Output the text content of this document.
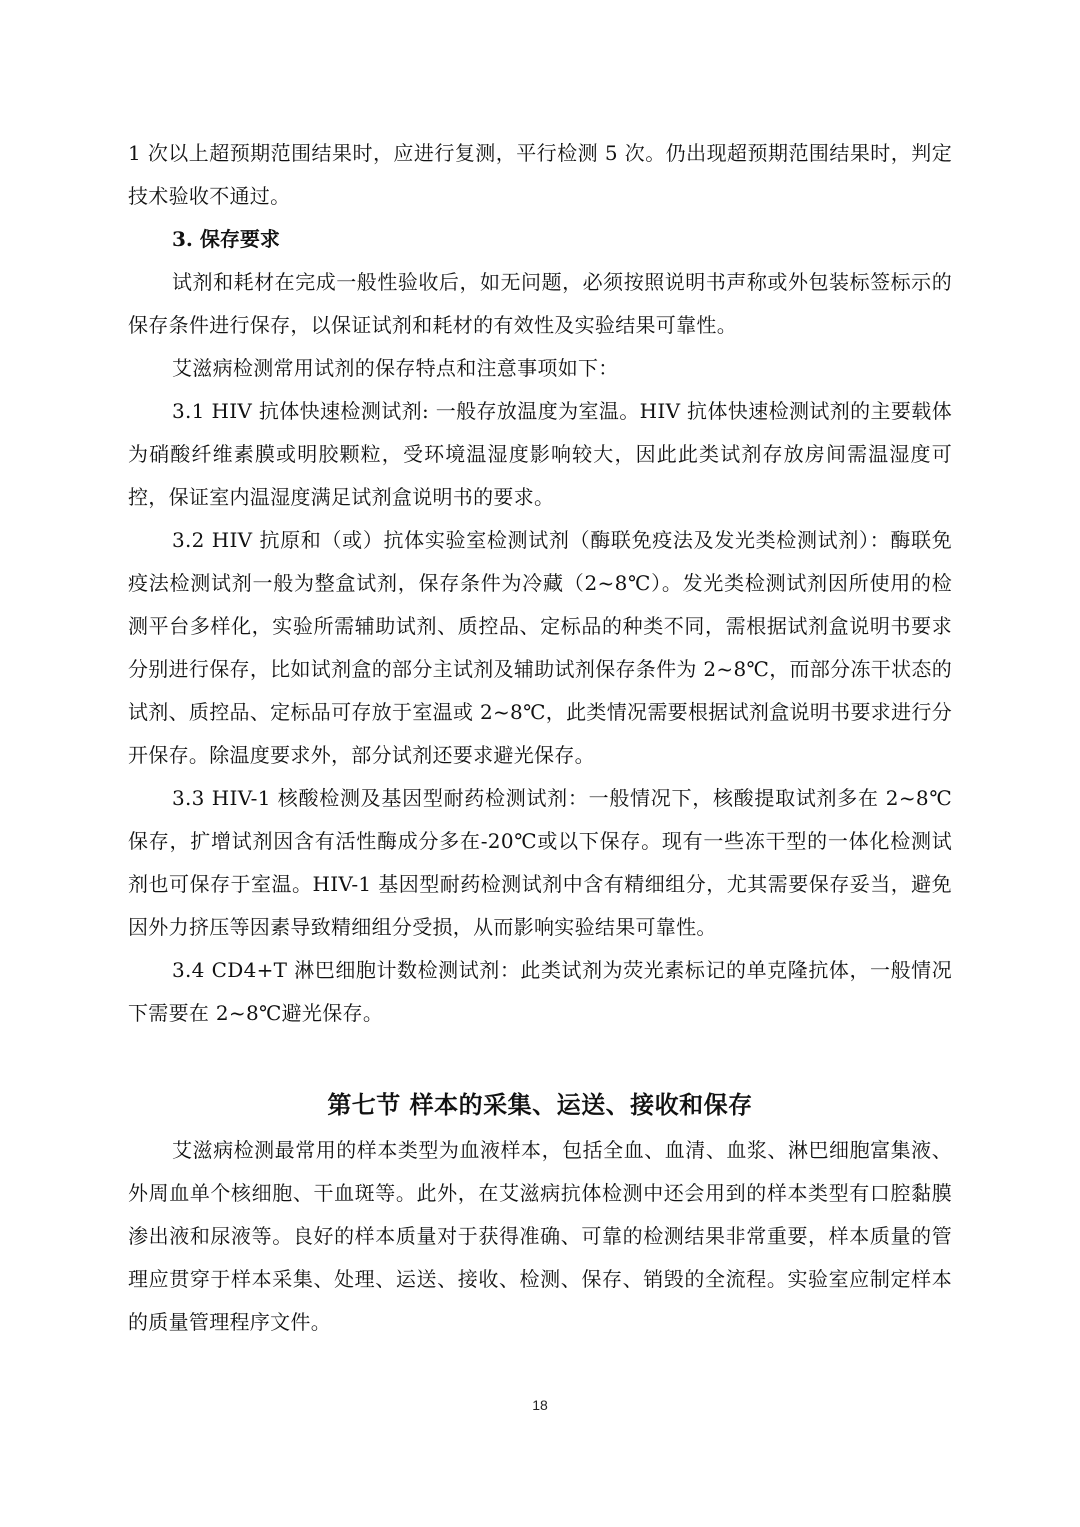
1 次以上超预期范围结果时，应进行复测，平行检测 5 次。仍出现超预期范围结果时，判定技术验收不通过。

3. 保存要求

试剂和耗材在完成一般性验收后，如无问题，必须按照说明书声称或外包装标签标示的保存条件进行保存，以保证试剂和耗材的有效性及实验结果可靠性。

艾滋病检测常用试剂的保存特点和注意事项如下：

3.1 HIV 抗体快速检测试剂: 一般存放温度为室温。HIV 抗体快速检测试剂的主要载体为硝酸纤维素膜或明胶颗粒，受环境温湿度影响较大，因此此类试剂存放房间需温湿度可控，保证室内温湿度满足试剂盒说明书的要求。

3.2 HIV 抗原和（或）抗体实验室检测试剂（酶联免疫法及发光类检测试剂）：酶联免疫法检测试剂一般为整盒试剂，保存条件为冷藏（2~8℃）。发光类检测试剂因所使用的检测平台多样化，实验所需辅助试剂、质控品、定标品的种类不同，需根据试剂盒说明书要求分别进行保存，比如试剂盒的部分主试剂及辅助试剂保存条件为 2~8℃，而部分冻干状态的试剂、质控品、定标品可存放于室温或 2~8℃，此类情况需要根据试剂盒说明书要求进行分开保存。除温度要求外，部分试剂还要求避光保存。

3.3 HIV-1 核酸检测及基因型耐药检测试剂：一般情况下，核酸提取试剂多在 2~8℃保存，扩增试剂因含有活性酶成分多在-20℃或以下保存。现有一些冻干型的一体化检测试剂也可保存于室温。HIV-1 基因型耐药检测试剂中含有精细组分，尤其需要保存妥当，避免因外力挤压等因素导致精细组分受损，从而影响实验结果可靠性。

3.4 CD4+T 淋巴细胞计数检测试剂：此类试剂为荧光素标记的单克隆抗体，一般情况下需要在 2~8℃避光保存。

第七节 样本的采集、运送、接收和保存

艾滋病检测最常用的样本类型为血液样本，包括全血、血清、血浆、淋巴细胞富集液、外周血单个核细胞、干血斑等。此外，在艾滋病抗体检测中还会用到的样本类型有口腔黏膜渗出液和尿液等。良好的样本质量对于获得准确、可靠的检测结果非常重要，样本质量的管理应贯穿于样本采集、处理、运送、接收、检测、保存、销毁的全流程。实验室应制定样本的质量管理程序文件。

18
